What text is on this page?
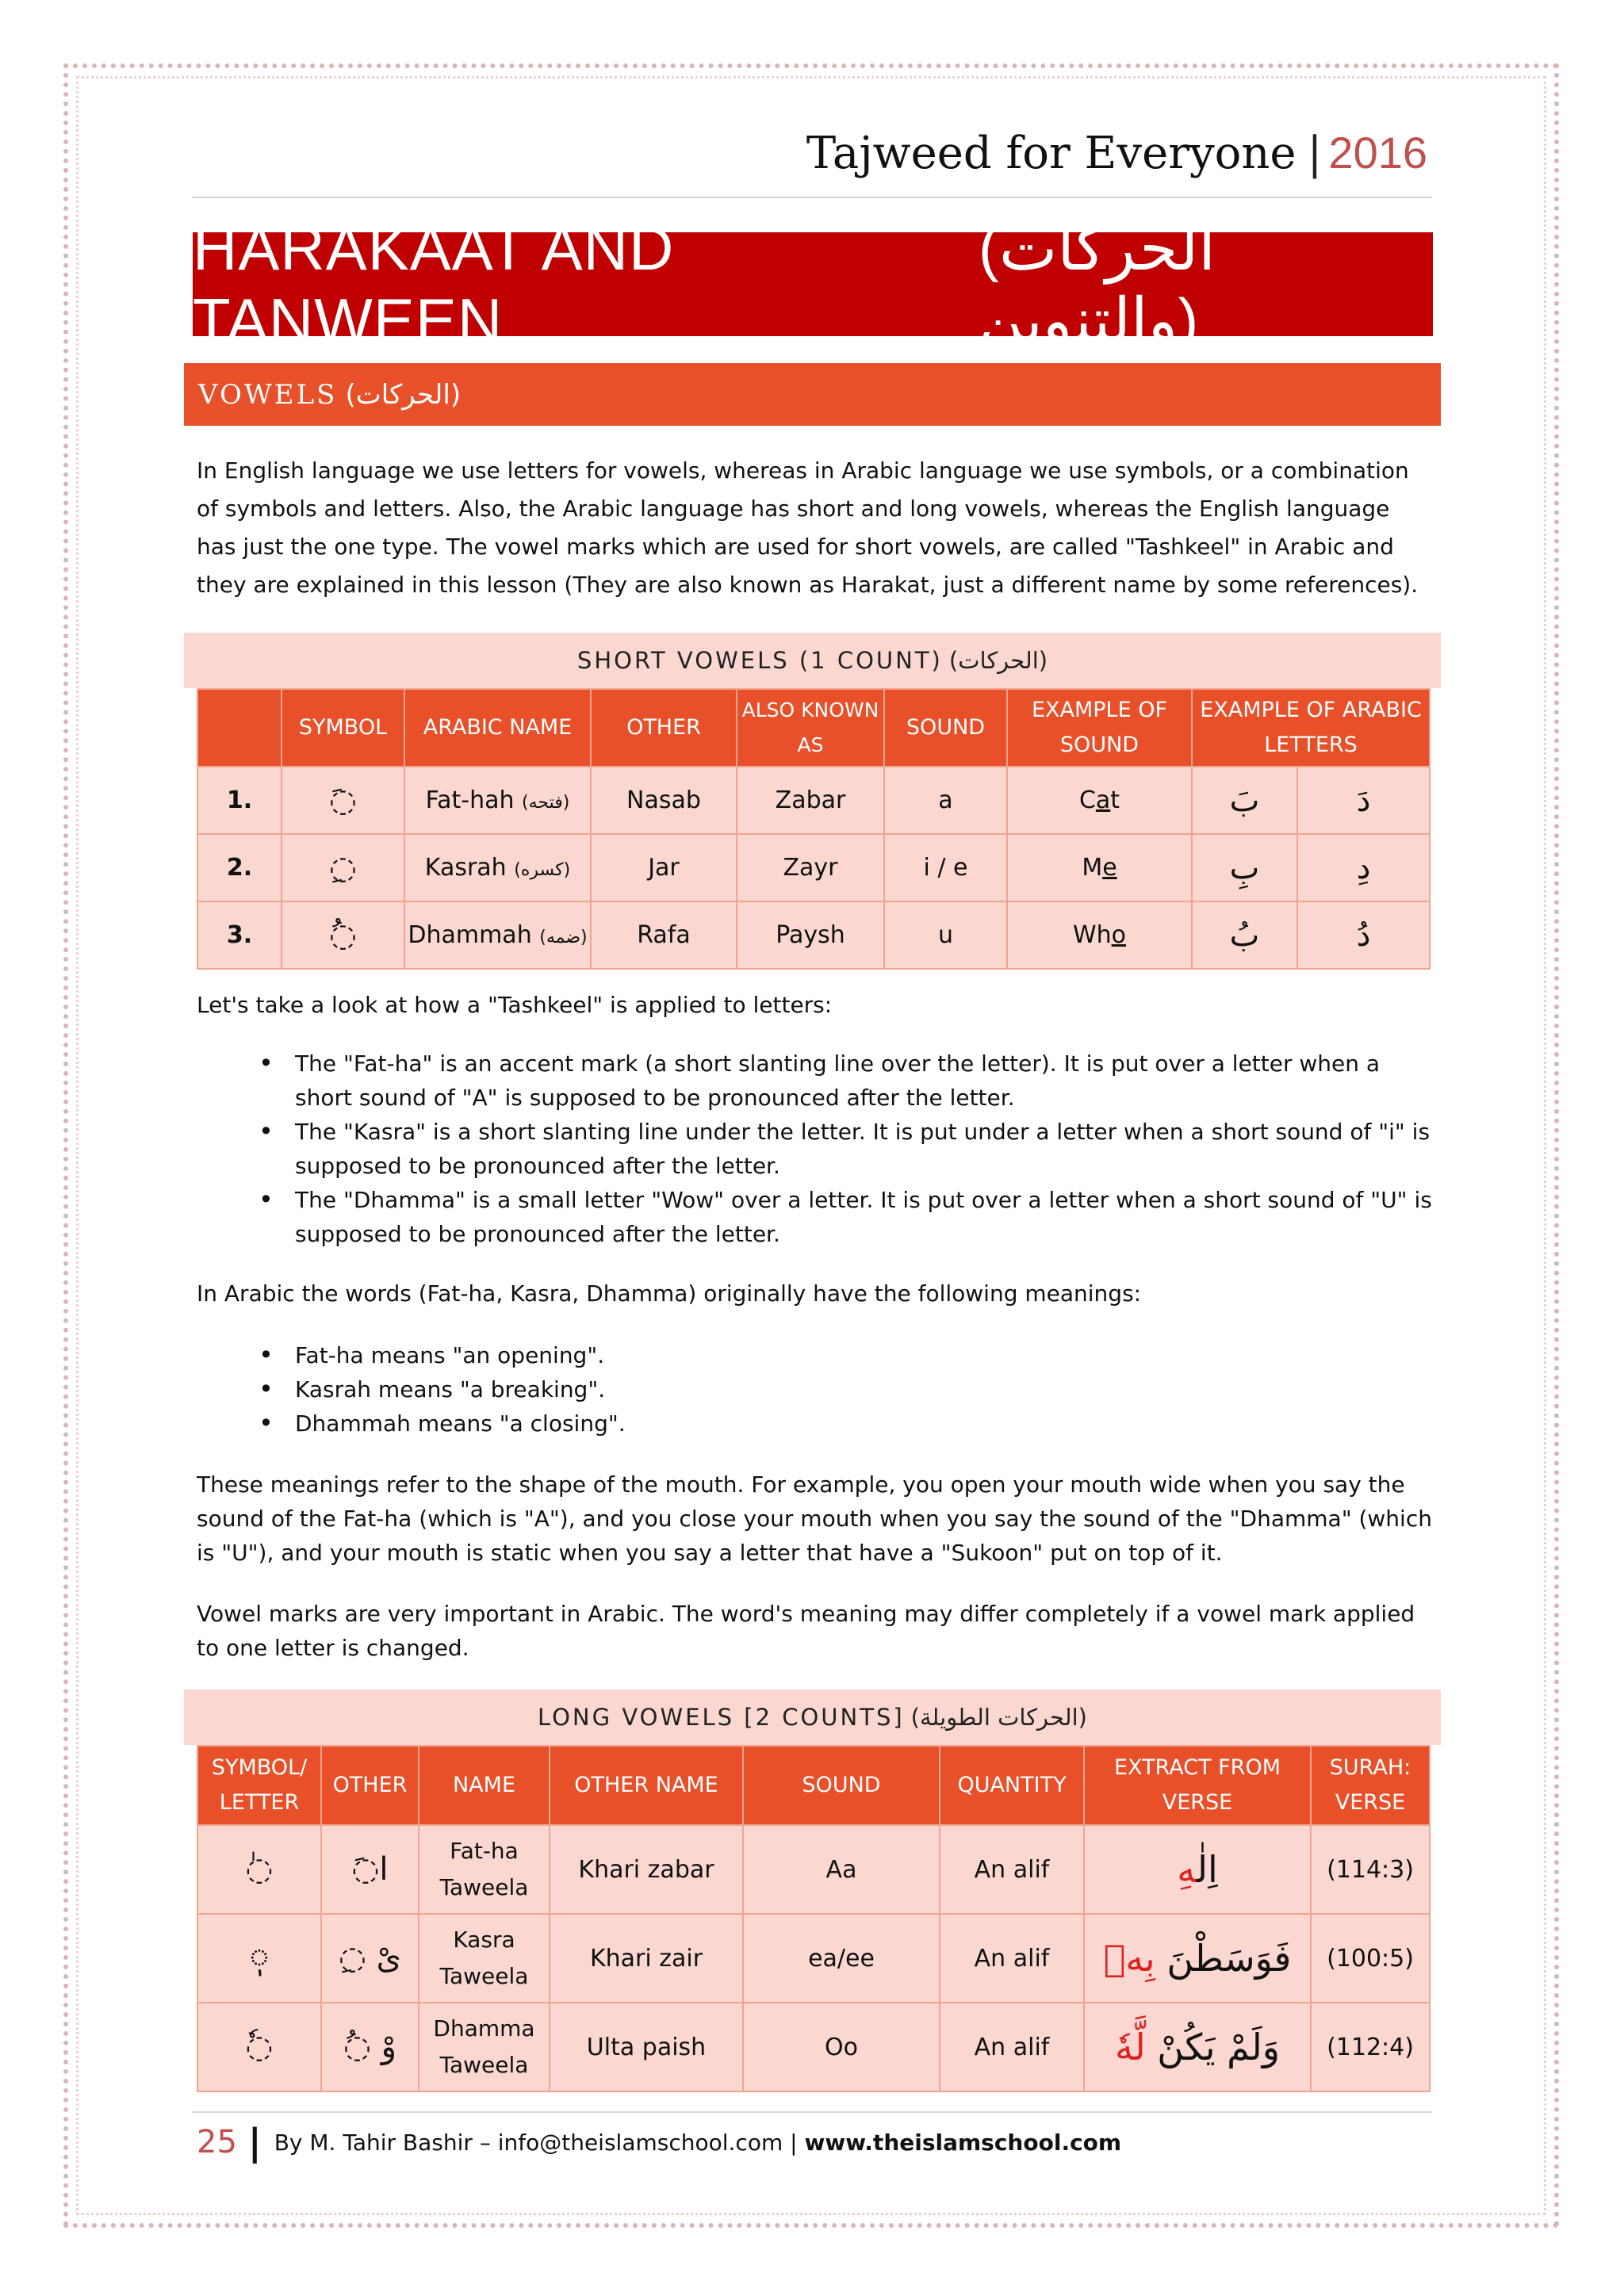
Tajweed for Everyone | 2016
HARAKAAT AND TANWEEN
(الحركات والتنوين)
VOWELS (الحركات)
In English language we use letters for vowels, whereas in Arabic language we use symbols, or a combination of symbols and letters. Also, the Arabic language has short and long vowels, whereas the English language has just the one type. The vowel marks which are used for short vowels, are called "Tashkeel" in Arabic and they are explained in this lesson (They are also known as Harakat, just a different name by some references).
SHORT VOWELS (1 COUNT) (الحركات)
	SYMBOL	ARABIC NAME	OTHER	ALSO KNOWN AS	SOUND	EXAMPLE OF SOUND	EXAMPLE OF ARABIC LETTERS	
1.	◌َ	Fat-hah (فتحه)	Nasab	Zabar	a	Cat	بَ	دَ
2.	◌ِ	Kasrah (كسره)	Jar	Zayr	i / e	Me	بِ	دِ
3.	◌ُ	Dhammah (ضمه)	Rafa	Paysh	u	Who	بُ	دُ
Let's take a look at how a "Tashkeel" is applied to letters:
• The "Fat-ha" is an accent mark (a short slanting line over the letter). It is put over a letter when a short sound of "A" is supposed to be pronounced after the letter.
• The "Kasra" is a short slanting line under the letter. It is put under a letter when a short sound of "i" is supposed to be pronounced after the letter.
• The "Dhamma" is a small letter "Wow" over a letter. It is put over a letter when a short sound of "U" is supposed to be pronounced after the letter.
In Arabic the words (Fat-ha, Kasra, Dhamma) originally have the following meanings:
• Fat-ha means "an opening".
• Kasrah means "a breaking".
• Dhammah means "a closing".
These meanings refer to the shape of the mouth. For example, you open your mouth wide when you say the sound of the Fat-ha (which is "A"), and you close your mouth when you say the sound of the "Dhamma" (which is "U"), and your mouth is static when you say a letter that have a "Sukoon" put on top of it.
Vowel marks are very important in Arabic. The word's meaning may differ completely if a vowel mark applied to one letter is changed.
LONG VOWELS [2 COUNTS] (الحركات الطويلة)
SYMBOL/ LETTER	OTHER	NAME	OTHER NAME	SOUND	QUANTITY	EXTRACT FROM VERSE	SURAH: VERSE
◌ٰ	◌َا	Fat-ha Taweela	Khari zabar	Aa	An alif	اِلٰهِ	(114:3)
◌ٖ	◌ِ ىْ	Kasra Taweela	Khari zair	ea/ee	An alif	فَوَسَطْنَ بِهٖ	(100:5)
◌ٗ	◌ُ وْ	Dhamma Taweela	Ulta paish	Oo	An alif	وَلَمْ يَكُنْ لَّهٗ	(112:4)
25 | By M. Tahir Bashir – info@theislamschool.com |
www.theislamschool.com
